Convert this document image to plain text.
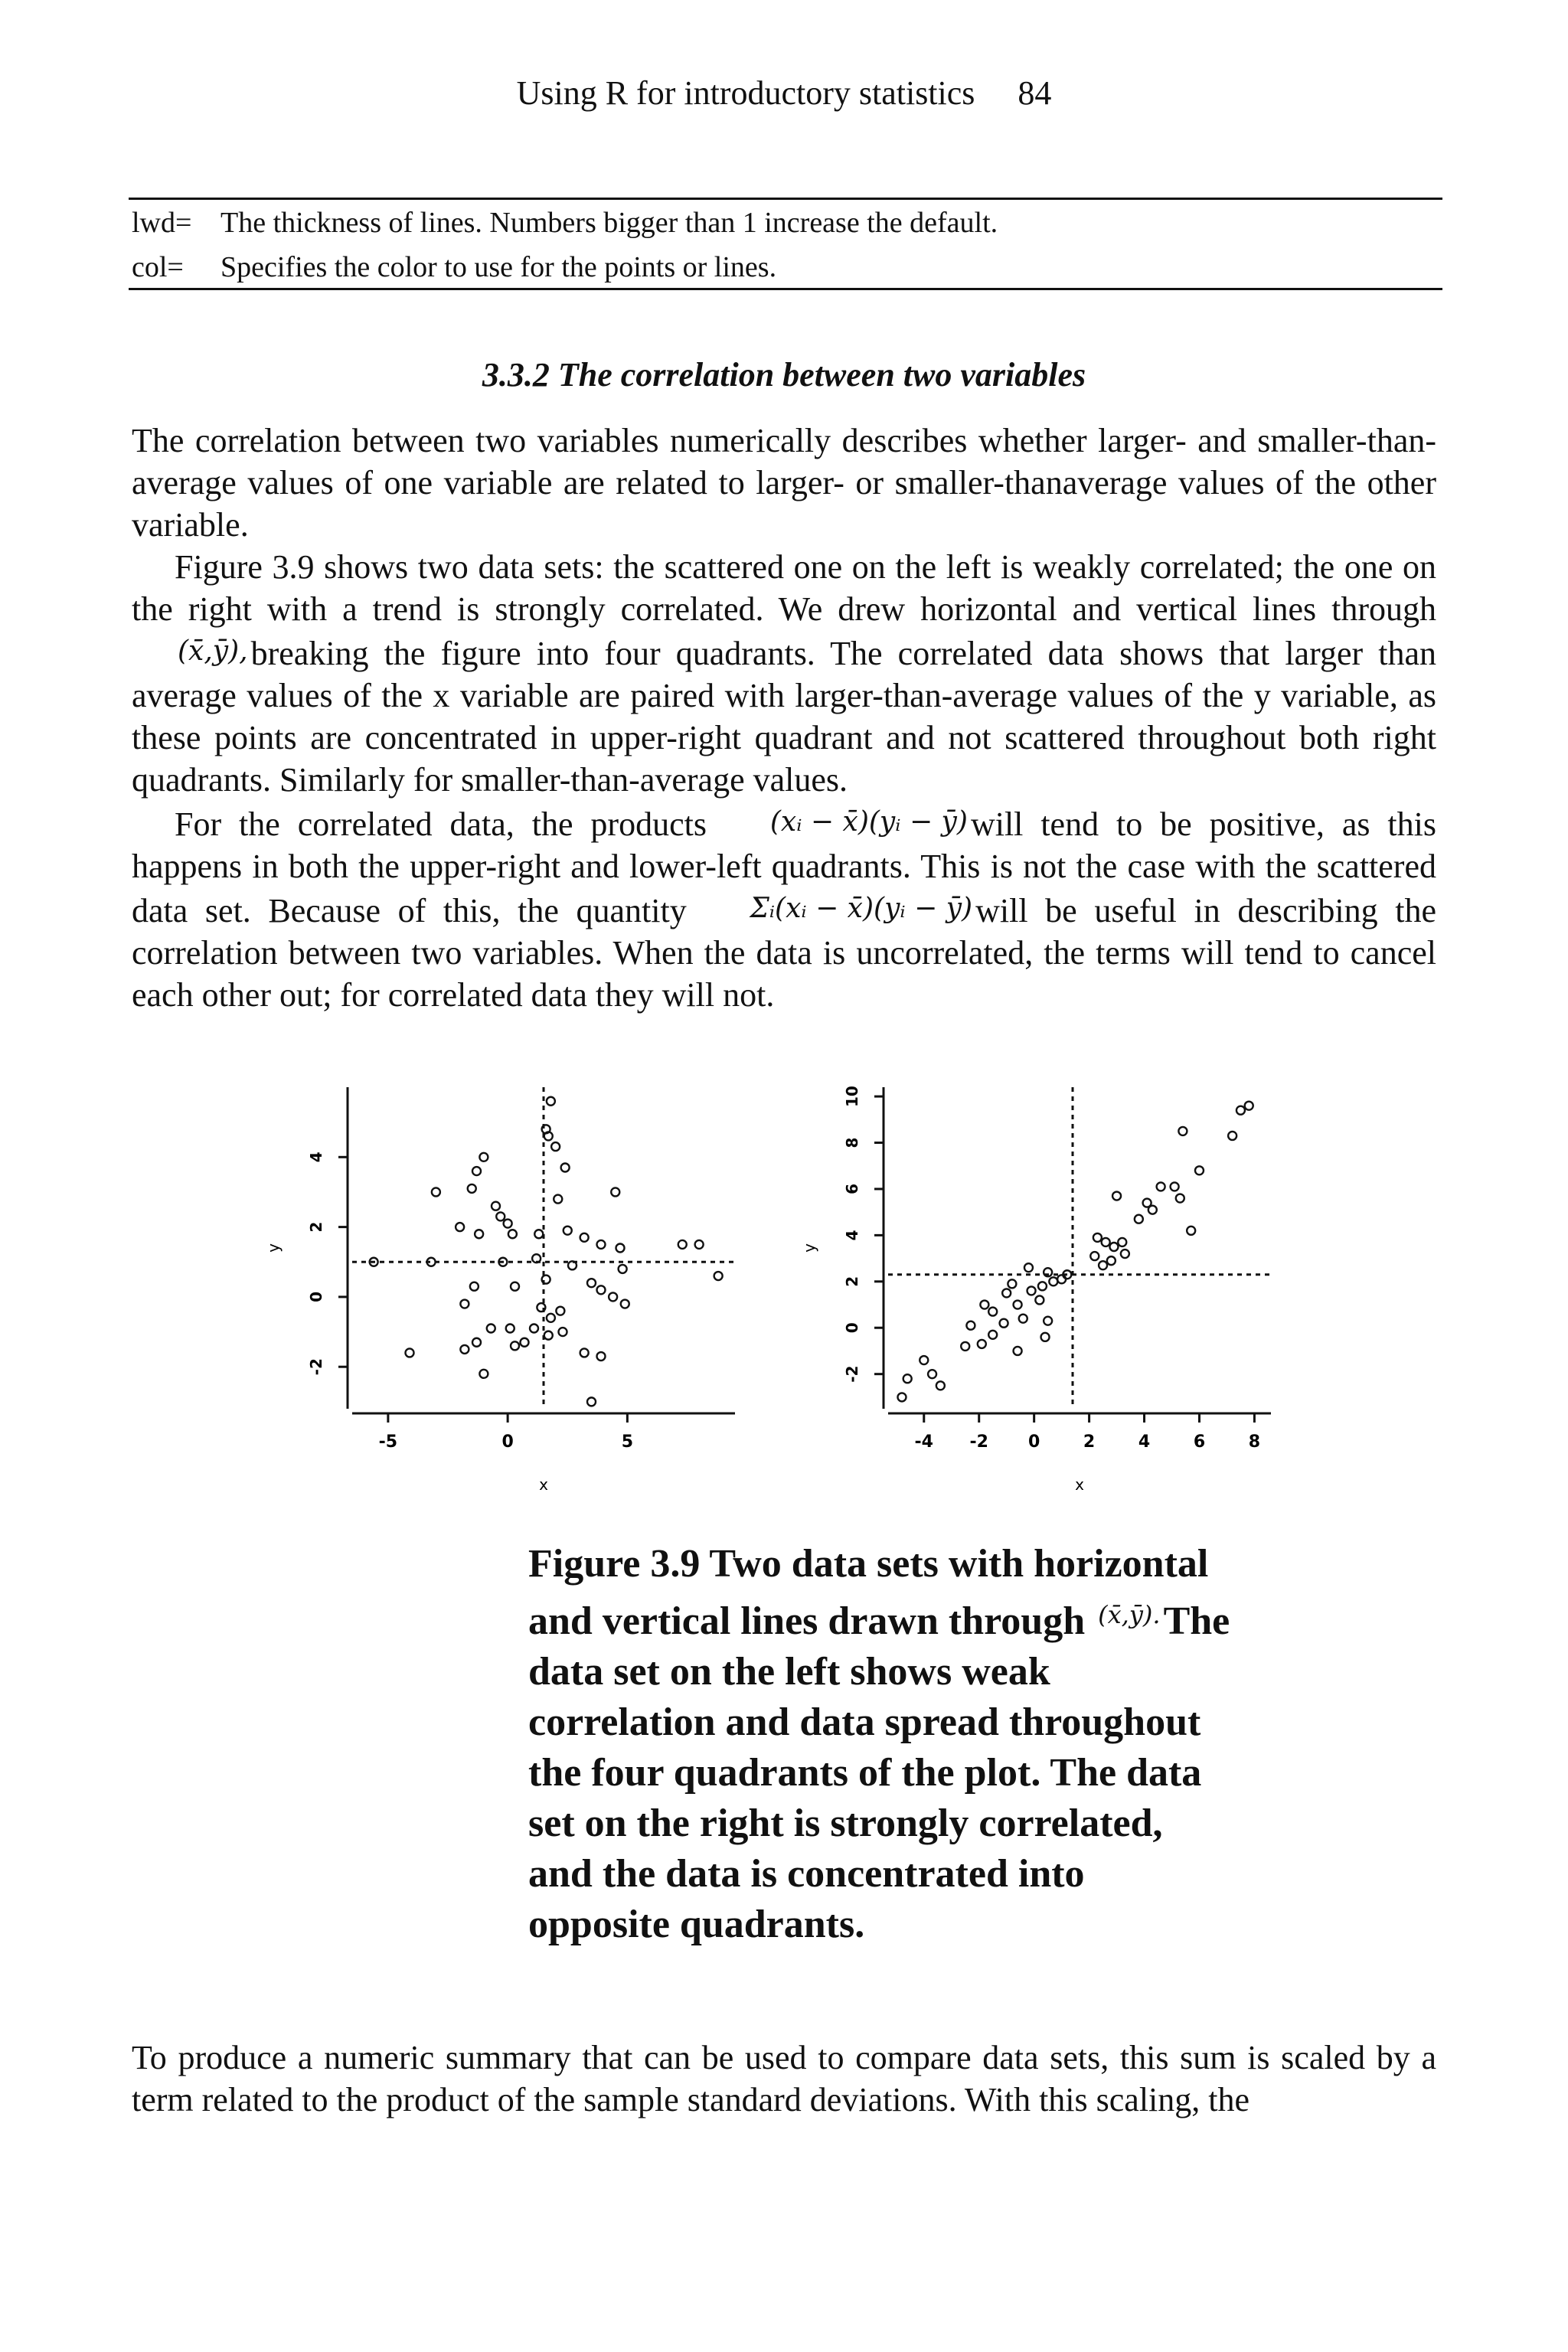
Using R for introductory statistics 84
lwd= The thickness of lines. Numbers bigger than 1 increase the default.
col=	Specifies the color to use for the points or lines.
3.3.2 The correlation between two variables

The correlation between two variables numerically describes whether larger- and smaller-than-average values of one variable are related to larger- or smaller-thanaverage values of the other variable.

Figure 3.9 shows two data sets: the scattered one on the left is weakly correlated; the one on the right with a trend is strongly correlated. We drew horizontal and vertical lines through (x̄,ȳ),breaking the figure into four quadrants. The correlated data shows that larger than average values of the x variable are paired with larger-than-average values of the y variable, as these points are concentrated in upper-right quadrant and not scattered throughout both right quadrants. Similarly for smaller-than-average values.

For the correlated data, the products (xᵢ − x̄)(yᵢ − ȳ)will tend to be positive, as this happens in both the upper-right and lower-left quadrants. This is not the case with the scattered data set. Because of this, the quantity Σᵢ(xᵢ − x̄)(yᵢ − ȳ)will be useful in describing the correlation between two variables. When the data is uncorrelated, the terms will tend to cancel each other out; for correlated data they will not.

-5	0	5
-2
0
2
4
x
y
-4 -2 0	2	4	6	8
-2
0
2
4
6
8
10
x
y
Figure 3.9 Two data sets with horizontal and vertical lines drawn through (x̄,ȳ).The data set on the left shows weak correlation and data spread throughout the four quadrants of the plot. The data set on the right is strongly correlated, and the data is concentrated into opposite quadrants.
To produce a numeric summary that can be used to compare data sets, this sum is scaled by a term related to the product of the sample standard deviations. With this scaling, the
